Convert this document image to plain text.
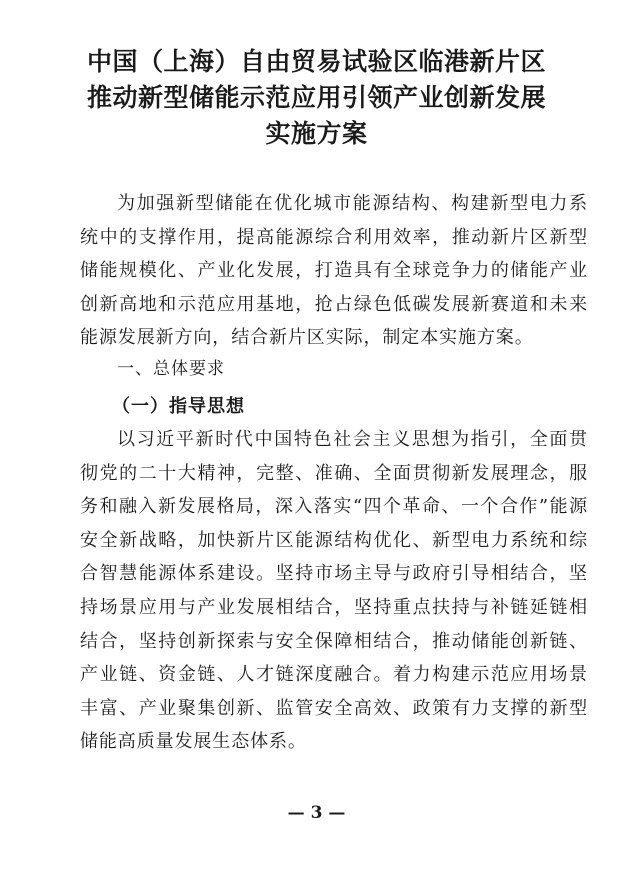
中国（上海）自由贸易试验区临港新片区
推动新型储能示范应用引领产业创新发展
实施方案
为加强新型储能在优化城市能源结构、构建新型电力系统中的支撑作用，提高能源综合利用效率，推动新片区新型储能规模化、产业化发展，打造具有全球竞争力的储能产业创新高地和示范应用基地，抢占绿色低碳发展新赛道和未来能源发展新方向，结合新片区实际，制定本实施方案。
一、总体要求
（一）指导思想
以习近平新时代中国特色社会主义思想为指引，全面贯彻党的二十大精神，完整、准确、全面贯彻新发展理念，服务和融入新发展格局，深入落实“四个革命、一个合作”能源安全新战略，加快新片区能源结构优化、新型电力系统和综合智慧能源体系建设。坚持市场主导与政府引导相结合，坚持场景应用与产业发展相结合，坚持重点扶持与补链延链相结合，坚持创新探索与安全保障相结合，推动储能创新链、产业链、资金链、人才链深度融合。着力构建示范应用场景丰富、产业聚集创新、监管安全高效、政策有力支撑的新型储能高质量发展生态体系。
— 3 —
